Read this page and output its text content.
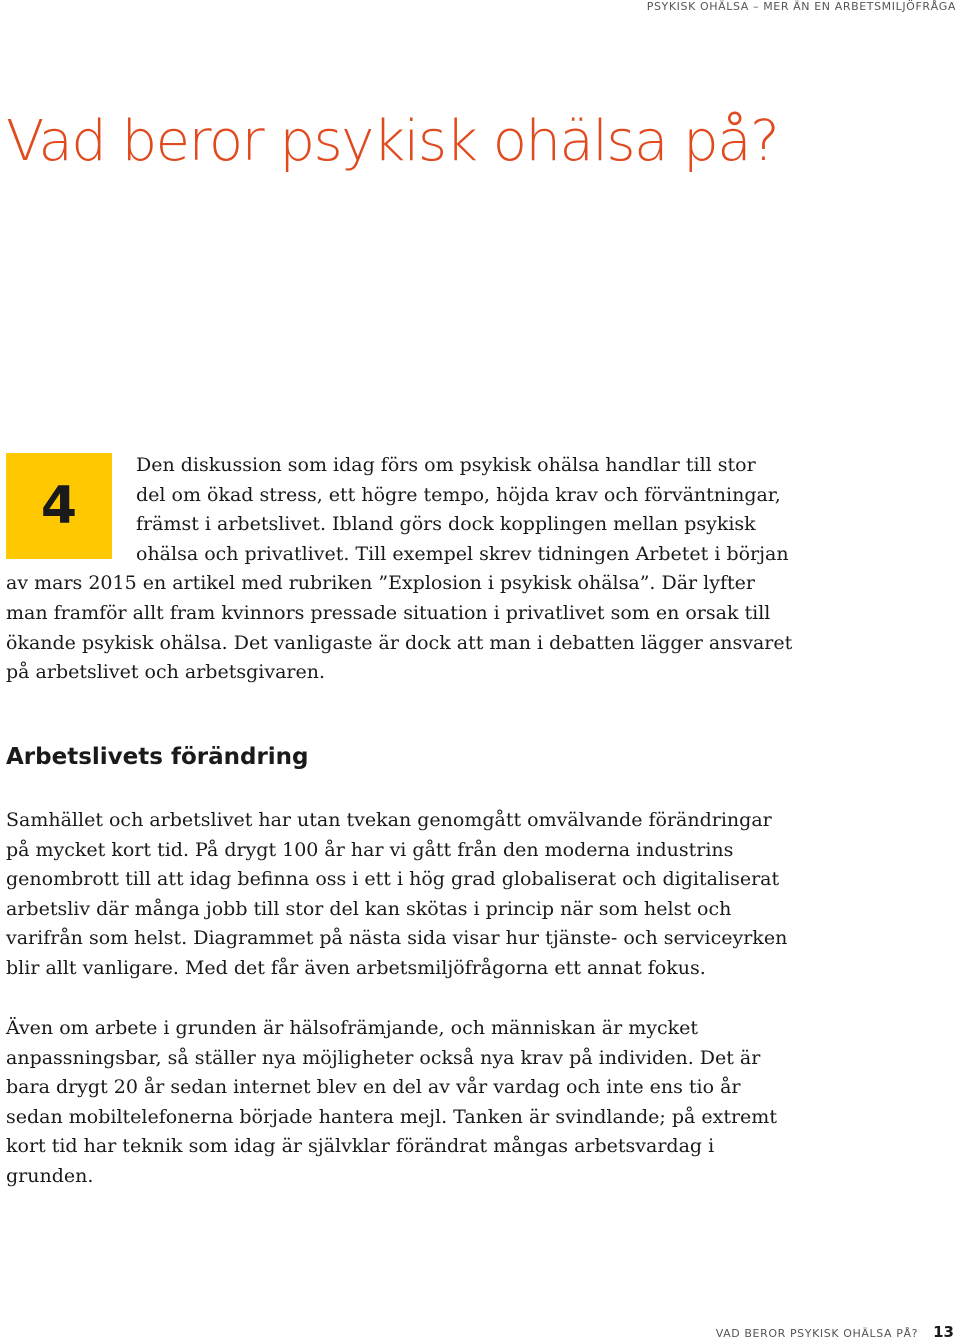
PSYKISK OHÄLSA – MER ÄN EN ARBETSMILJÖFRÅGA
Vad beror psykisk ohälsa på?
4
Den diskussion som idag förs om psykisk ohälsa handlar till stor
del om ökad stress, ett högre tempo, höjda krav och förväntningar,
främst i arbetslivet. Ibland görs dock kopplingen mellan psykisk
ohälsa och privatlivet. Till exempel skrev tidningen Arbetet i början
av mars 2015 en artikel med rubriken ”Explosion i psykisk ohälsa”. Där lyfter
man framför allt fram kvinnors pressade situation i privatlivet som en orsak till
ökande psykisk ohälsa. Det vanligaste är dock att man i debatten lägger ansvaret
på arbetslivet och arbetsgivaren.
Arbetslivets förändring

Samhället och arbetslivet har utan tvekan genomgått omvälvande förändringar på mycket kort tid. På drygt 100 år har vi gått från den moderna industrins genombrott till att idag befinna oss i ett i hög grad globaliserat och digitaliserat arbetsliv där många jobb till stor del kan skötas i princip när som helst och varifrån som helst. Diagrammet på nästa sida visar hur tjänste- och serviceyrken blir allt vanligare. Med det får även arbetsmiljöfrågorna ett annat fokus.

Även om arbete i grunden är hälsofrämjande, och människan är mycket anpassningsbar, så ställer nya möjligheter också nya krav på individen. Det är bara drygt 20 år sedan internet blev en del av vår vardag och inte ens tio år sedan mobiltelefonerna började hantera mejl. Tanken är svindlande; på extremt kort tid har teknik som idag är självklar förändrat mångas arbetsvardag i grunden.

VAD BEROR PSYKISK OHÄLSA PÅ? 13
